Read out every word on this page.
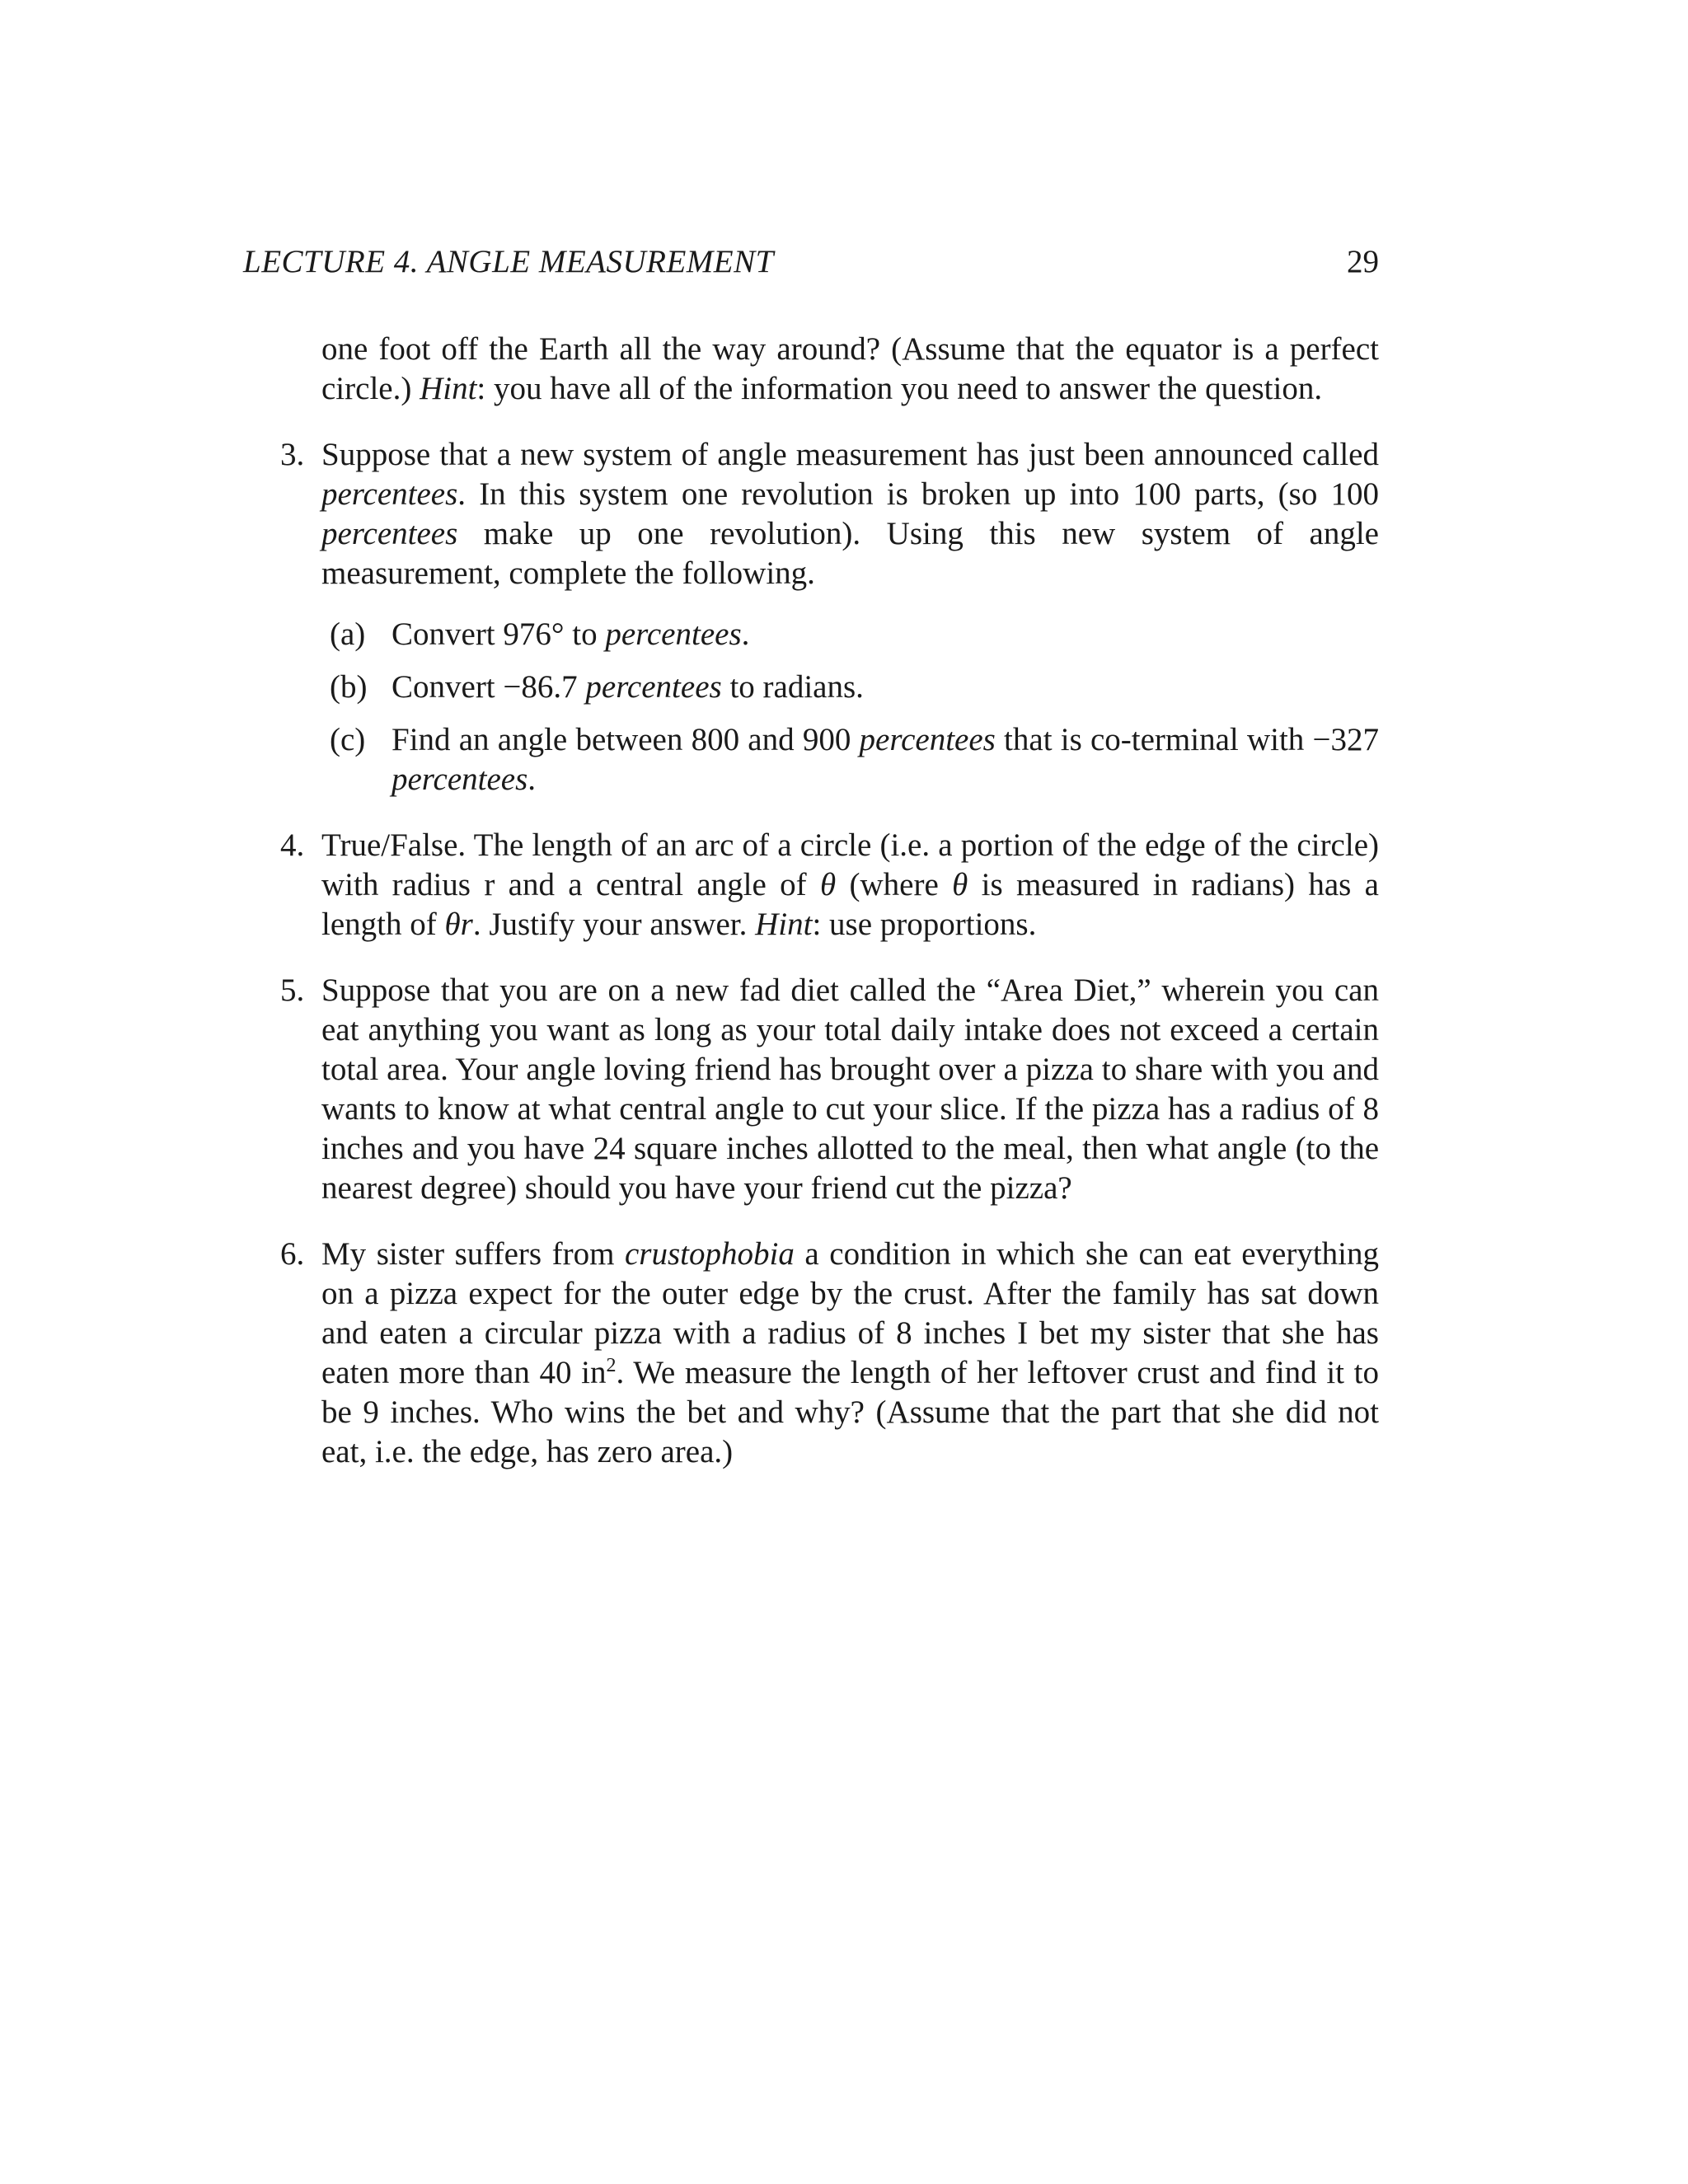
LECTURE 4. ANGLE MEASUREMENT	29
one foot off the Earth all the way around? (Assume that the equator is a perfect circle.) Hint: you have all of the information you need to answer the question.
3. Suppose that a new system of angle measurement has just been announced called percentees. In this system one revolution is broken up into 100 parts, (so 100 percentees make up one revolution). Using this new system of angle measurement, complete the following.
(a) Convert 976° to percentees.
(b) Convert −86.7 percentees to radians.
(c) Find an angle between 800 and 900 percentees that is co-terminal with −327 percentees.
4. True/False. The length of an arc of a circle (i.e. a portion of the edge of the circle) with radius r and a central angle of θ (where θ is measured in radians) has a length of θr. Justify your answer. Hint: use proportions.
5. Suppose that you are on a new fad diet called the “Area Diet,” wherein you can eat anything you want as long as your total daily intake does not exceed a certain total area. Your angle loving friend has brought over a pizza to share with you and wants to know at what central angle to cut your slice. If the pizza has a radius of 8 inches and you have 24 square inches allotted to the meal, then what angle (to the nearest degree) should you have your friend cut the pizza?
6. My sister suffers from crustophobia a condition in which she can eat everything on a pizza expect for the outer edge by the crust. After the family has sat down and eaten a circular pizza with a radius of 8 inches I bet my sister that she has eaten more than 40 $in^2$. We measure the length of her leftover crust and find it to be 9 inches. Who wins the bet and why? (Assume that the part that she did not eat, i.e. the edge, has zero area.)
